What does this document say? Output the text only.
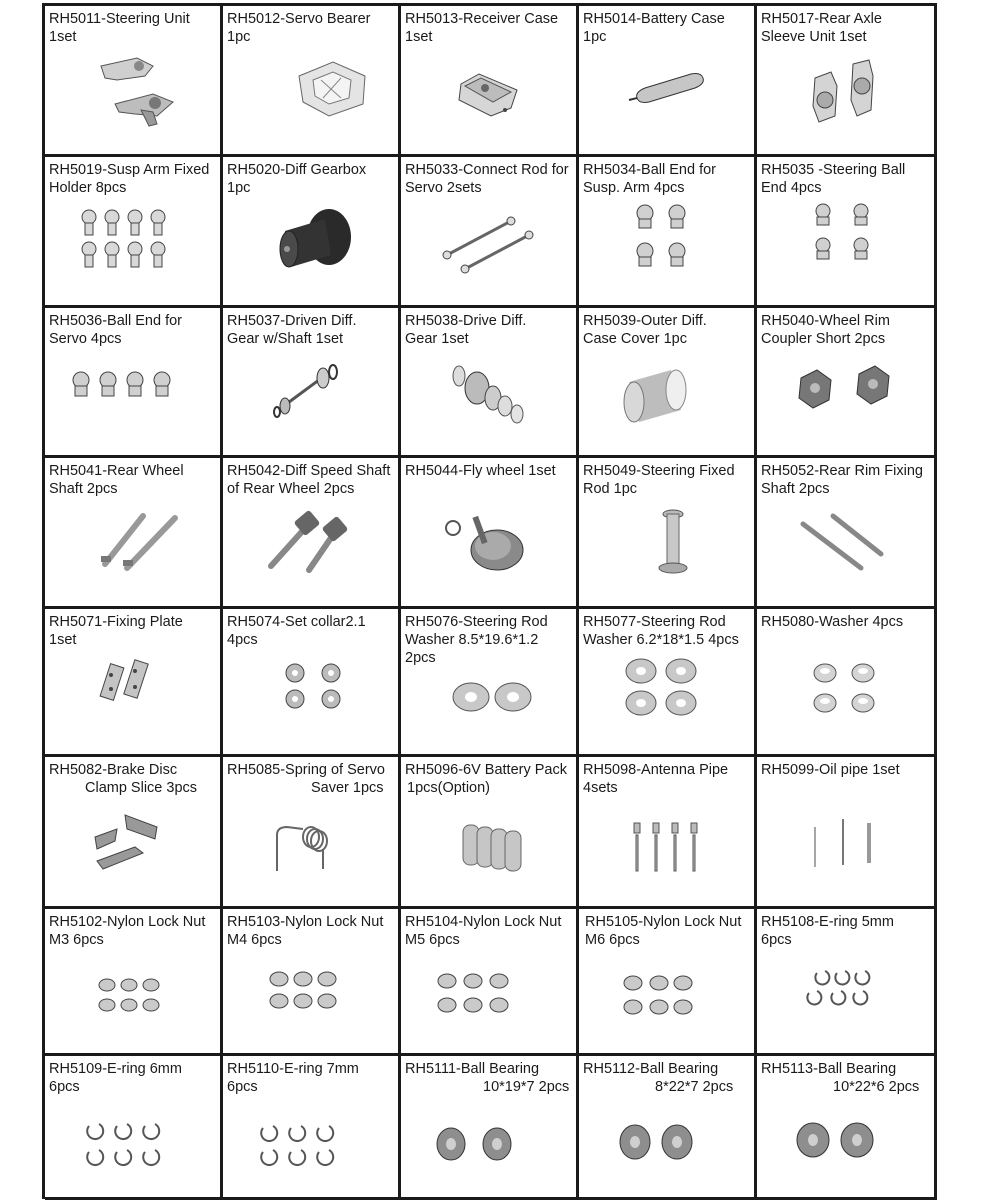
RH5011-Steering Unit
1set
RH5012-Servo Bearer
1pc
RH5013-Receiver Case
1set
RH5014-Battery Case
1pc
RH5017-Rear Axle
Sleeve Unit 1set
RH5019-Susp Arm Fixed
Holder 8pcs
RH5020-Diff Gearbox
1pc
RH5033-Connect Rod for
Servo 2sets
RH5034-Ball End for
Susp. Arm 4pcs
RH5035 -Steering Ball
End 4pcs
RH5036-Ball End for
Servo 4pcs
RH5037-Driven Diff.
Gear w/Shaft 1set
RH5038-Drive Diff.
Gear 1set
RH5039-Outer Diff.
Case Cover 1pc
RH5040-Wheel Rim
Coupler Short 2pcs
RH5041-Rear Wheel
Shaft 2pcs
RH5042-Diff Speed Shaft
of Rear Wheel 2pcs
RH5044-Fly wheel 1set	RH5049-Steering Fixed
Rod 1pc
RH5052-Rear Rim Fixing
Shaft 2pcs
RH5071-Fixing Plate
1set
RH5074-Set collar2.1
4pcs
RH5076-Steering Rod
Washer 8.5*19.6*1.2
2pcs
RH5077-Steering Rod
Washer 6.2*18*1.5 4pcs
RH5080-Washer 4pcs
RH5082-Brake Disc
Clamp Slice 3pcs
RH5085-Spring of Servo
Saver 1pcs
RH5096-6V Battery Pack
1pcs(Option)
RH5098-Antenna Pipe
4sets
RH5099-Oil pipe 1set
RH5102-Nylon Lock Nut
M3 6pcs
RH5103-Nylon Lock Nut
M4 6pcs
RH5104-Nylon Lock Nut
M5 6pcs
RH5105-Nylon Lock Nut
M6 6pcs
RH5108-E-ring 5mm
6pcs
RH5109-E-ring 6mm
6pcs
RH5110-E-ring 7mm
6pcs
RH5111-Ball Bearing
10*19*7 2pcs
RH5112-Ball Bearing
8*22*7 2pcs
RH5113-Ball Bearing
10*22*6 2pcs
